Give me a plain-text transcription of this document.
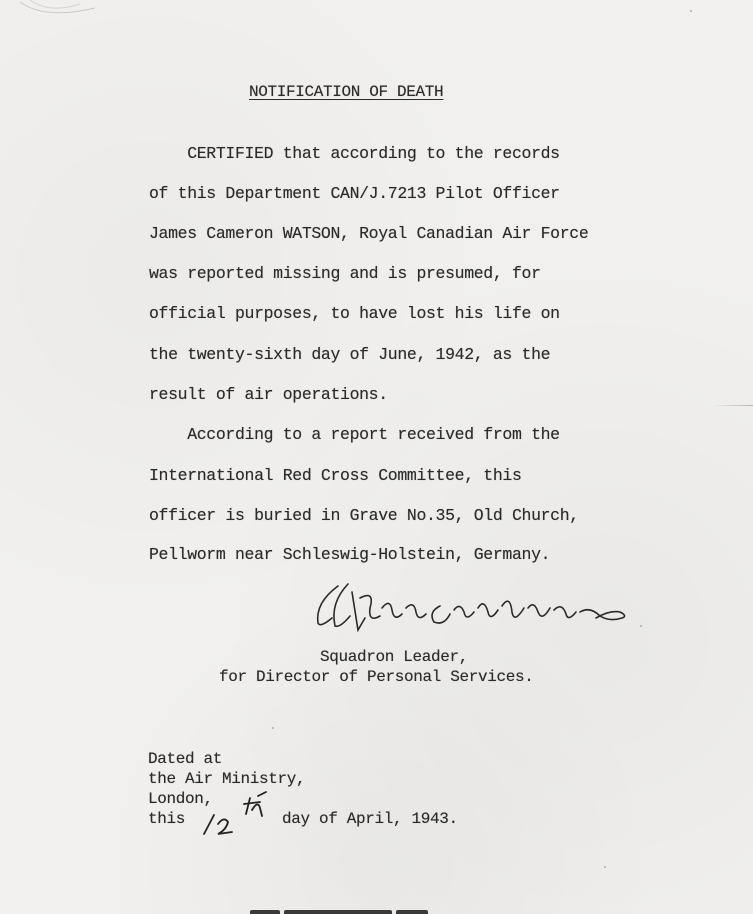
NOTIFICATION OF DEATH
CERTIFIED that according to the records
of this Department CAN/J.7213 Pilot Officer
James Cameron WATSON, Royal Canadian Air Force
was reported missing and is presumed, for
official purposes, to have lost his life on
the twenty-sixth day of June, 1942, as the
result of air operations.
According to a report received from the
International Red Cross Committee, this
officer is buried in Grave No.35, Old Church,
Pellworm near Schleswig-Holstein, Germany.
Squadron Leader,
for Director of Personal Services.
Dated at
the Air Ministry,
London,
this	day of April, 1943.
